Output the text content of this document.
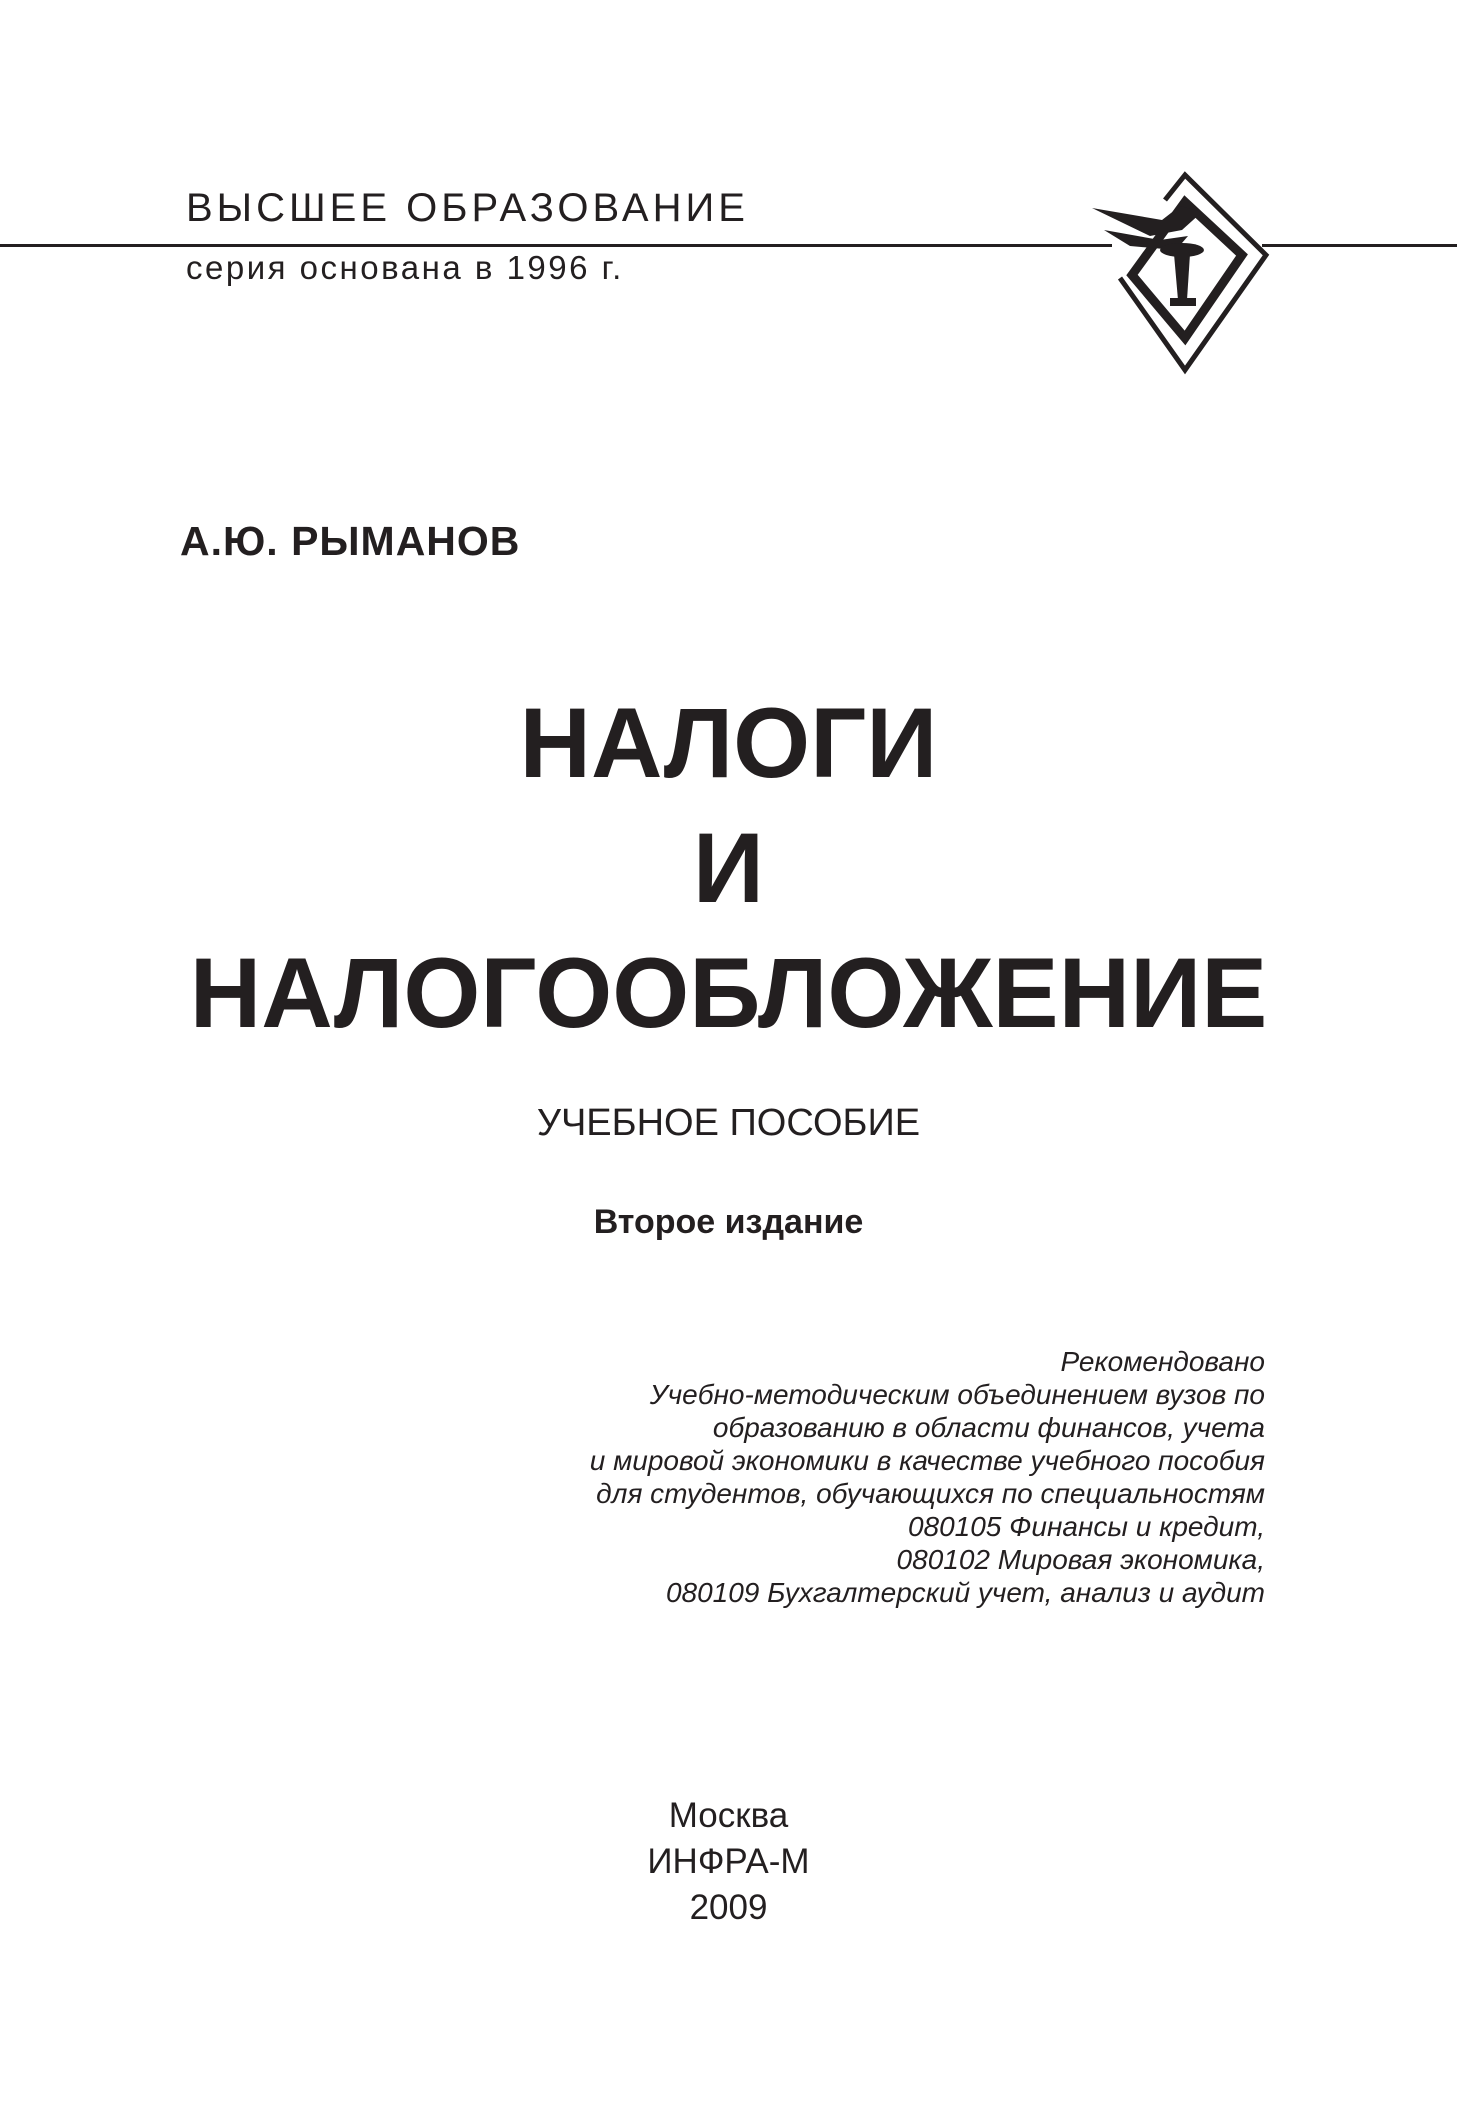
ВЫСШЕЕ ОБРАЗОВАНИЕ
серия основана в 1996 г.
А.Ю. РЫМАНОВ
НАЛОГИ
И
НАЛОГООБЛОЖЕНИЕ
УЧЕБНОЕ ПОСОБИЕ
Второе издание
Рекомендовано
Учебно-методическим объединением вузов по
образованию в области финансов, учета
и мировой экономики в качестве учебного пособия
для студентов, обучающихся по специальностям
080105 Финансы и кредит,
080102 Мировая экономика,
080109 Бухгалтерский учет, анализ и аудит
Москва
ИНФРА-М
2009
